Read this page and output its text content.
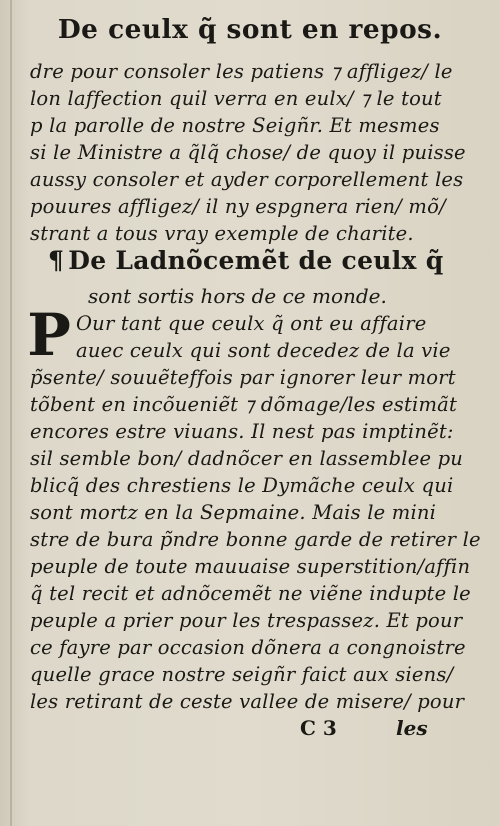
De ceulx q̃ sont en repos.
dre pour consoler les patiens ⁊ affligez/ le
lon laffection quil verra en eulx/ ⁊ le tout
p la parolle de nostre Seigñr. Et mesmes
si le Ministre a q̃lq̃ chose/ de quoy il puisse
aussy consoler et ayder corporellement les
pouures affligez/ il ny espgnera rien/ mõ/
strant a tous vray exemple de charite.
¶ De Ladnõcemẽt de ceulx q̃
sont sortis hors de ce monde.
P Our tant que ceulx q̃ ont eu affaire
auec ceulx qui sont decedez de la vie
p̃sente/ souuẽteffois par ignorer leur mort
tõbent en incõueniẽt ⁊ dõmage/les estimãt
encores estre viuans. Il nest pas imptinẽt:
sil semble bon/ dadnõcer en lassemblee pu
blicq̃ des chrestiens le Dymãche ceulx qui
sont mortz en la Sepmaine. Mais le mini
stre de bura p̃ndre bonne garde de retirer le
peuple de toute mauuaise superstition/affin
q̃ tel recit et adnõcemẽt ne viẽne indupte le
peuple a prier pour les trespassez. Et pour
ce fayre par occasion dõnera a congnoistre
quelle grace nostre seigñr faict aux siens/
les retirant de ceste vallee de misere/ pour
C 3	les
